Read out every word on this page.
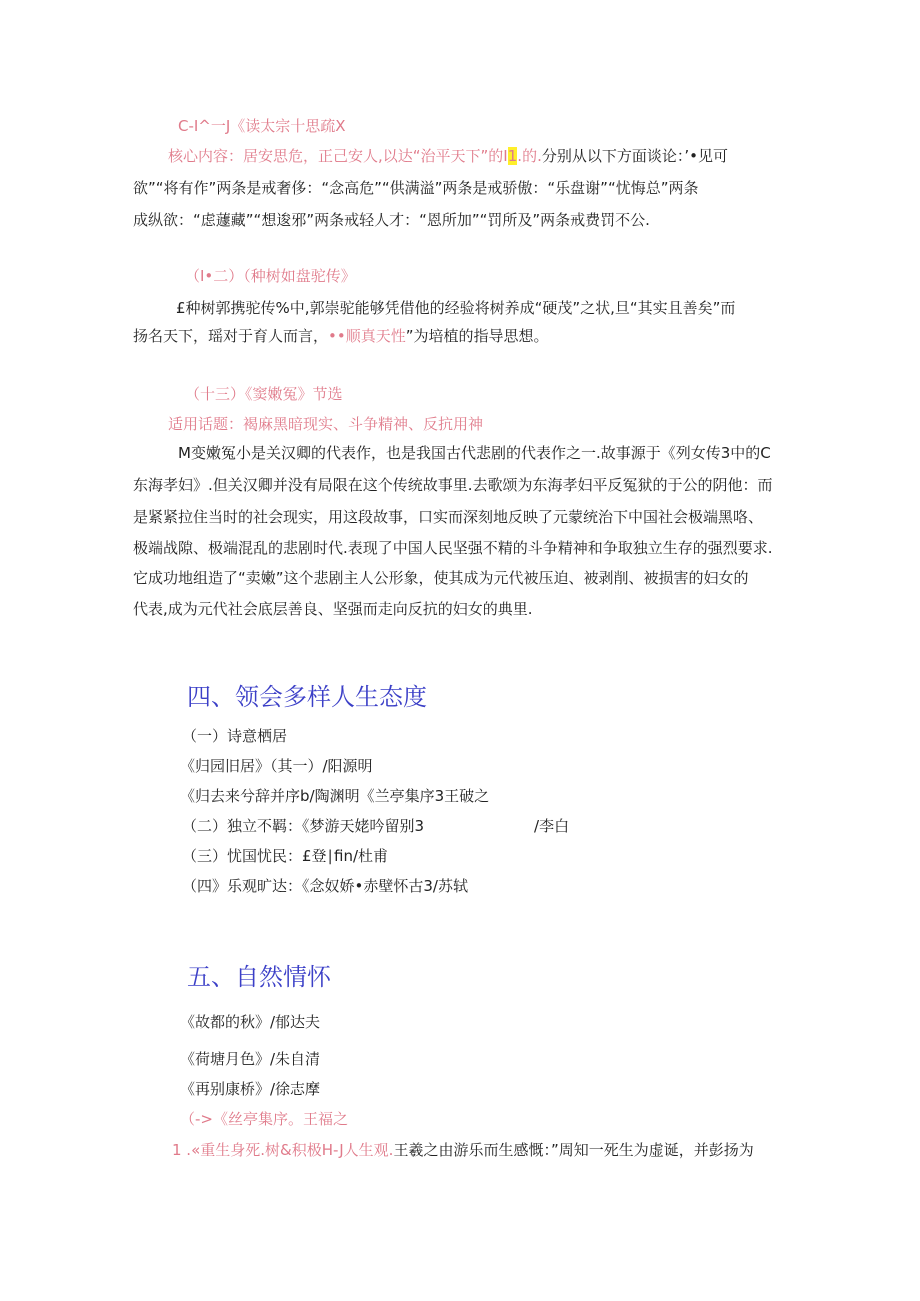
C-I^一J《读太宗十思疏X
核心内容：居安思危，正己安人,以达“治平天下”的I1.的.分别从以下方面谈论：’•见可
欲”“将有作”两条是戒奢侈：“念高危”“供满溢”两条是戒骄傲：“乐盘谢”“忧悔总”两条
成纵欲：“虑蘧藏”“想逡邪”两条戒轻人才：“恩所加”“罚所及”两条戒费罚不公.
（I•二）（种树如盘驼传》
£种树郭携驼传%中,郭崇驼能够凭借他的经验将树养成“硬茂”之状,旦“其实且善矣”而
扬名天下，瑶对于育人而言，••顺真天性”为培植的指导思想。
（十三）《窦嫩冤》节选
适用话题：褐麻黑暗现实、斗争精神、反抗用神
M变嫩冤小是关汉卿的代表作，也是我国古代悲剧的代表作之一.故事源于《列女传3中的C
东海孝妇》.但关汉卿并没有局限在这个传统故事里.去歌颂为东海孝妇平反冤狱的于公的阴他：而
是紧紧拉住当时的社会现实，用这段故事，口实而深刻地反映了元蒙统治下中国社会极端黑咯、
极端战隙、极端混乱的悲剧时代.表现了中国人民坚强不精的斗争精神和争取独立生存的强烈要求.
它成功地组造了“卖嫩”这个悲剧主人公形象，使其成为元代被压迫、被剥削、被损害的妇女的
代表,成为元代社会底层善良、坚强而走向反抗的妇女的典里.
四、领会多样人生态度
（一）诗意栖居
《归园旧居》（其一）/阳源明
《归去来兮辞并序b/陶渊明《兰亭集序3王破之
（二）独立不羁：《梦游天姥吟留别3	/李白
（三）忧国忧民：£登∣fin/杜甫
（四》乐观旷达：《念奴娇•赤壁怀古3/苏轼
五、自然情怀
《故都的秋》/郁达夫
《荷塘月色》/朱自清
《再别康桥》/徐志摩
（->《丝亭集序。王福之
1 .«重生身死.树&积极H-J人生观.王羲之由游乐而生感慨：”周知一死生为虚诞，并彭扬为
